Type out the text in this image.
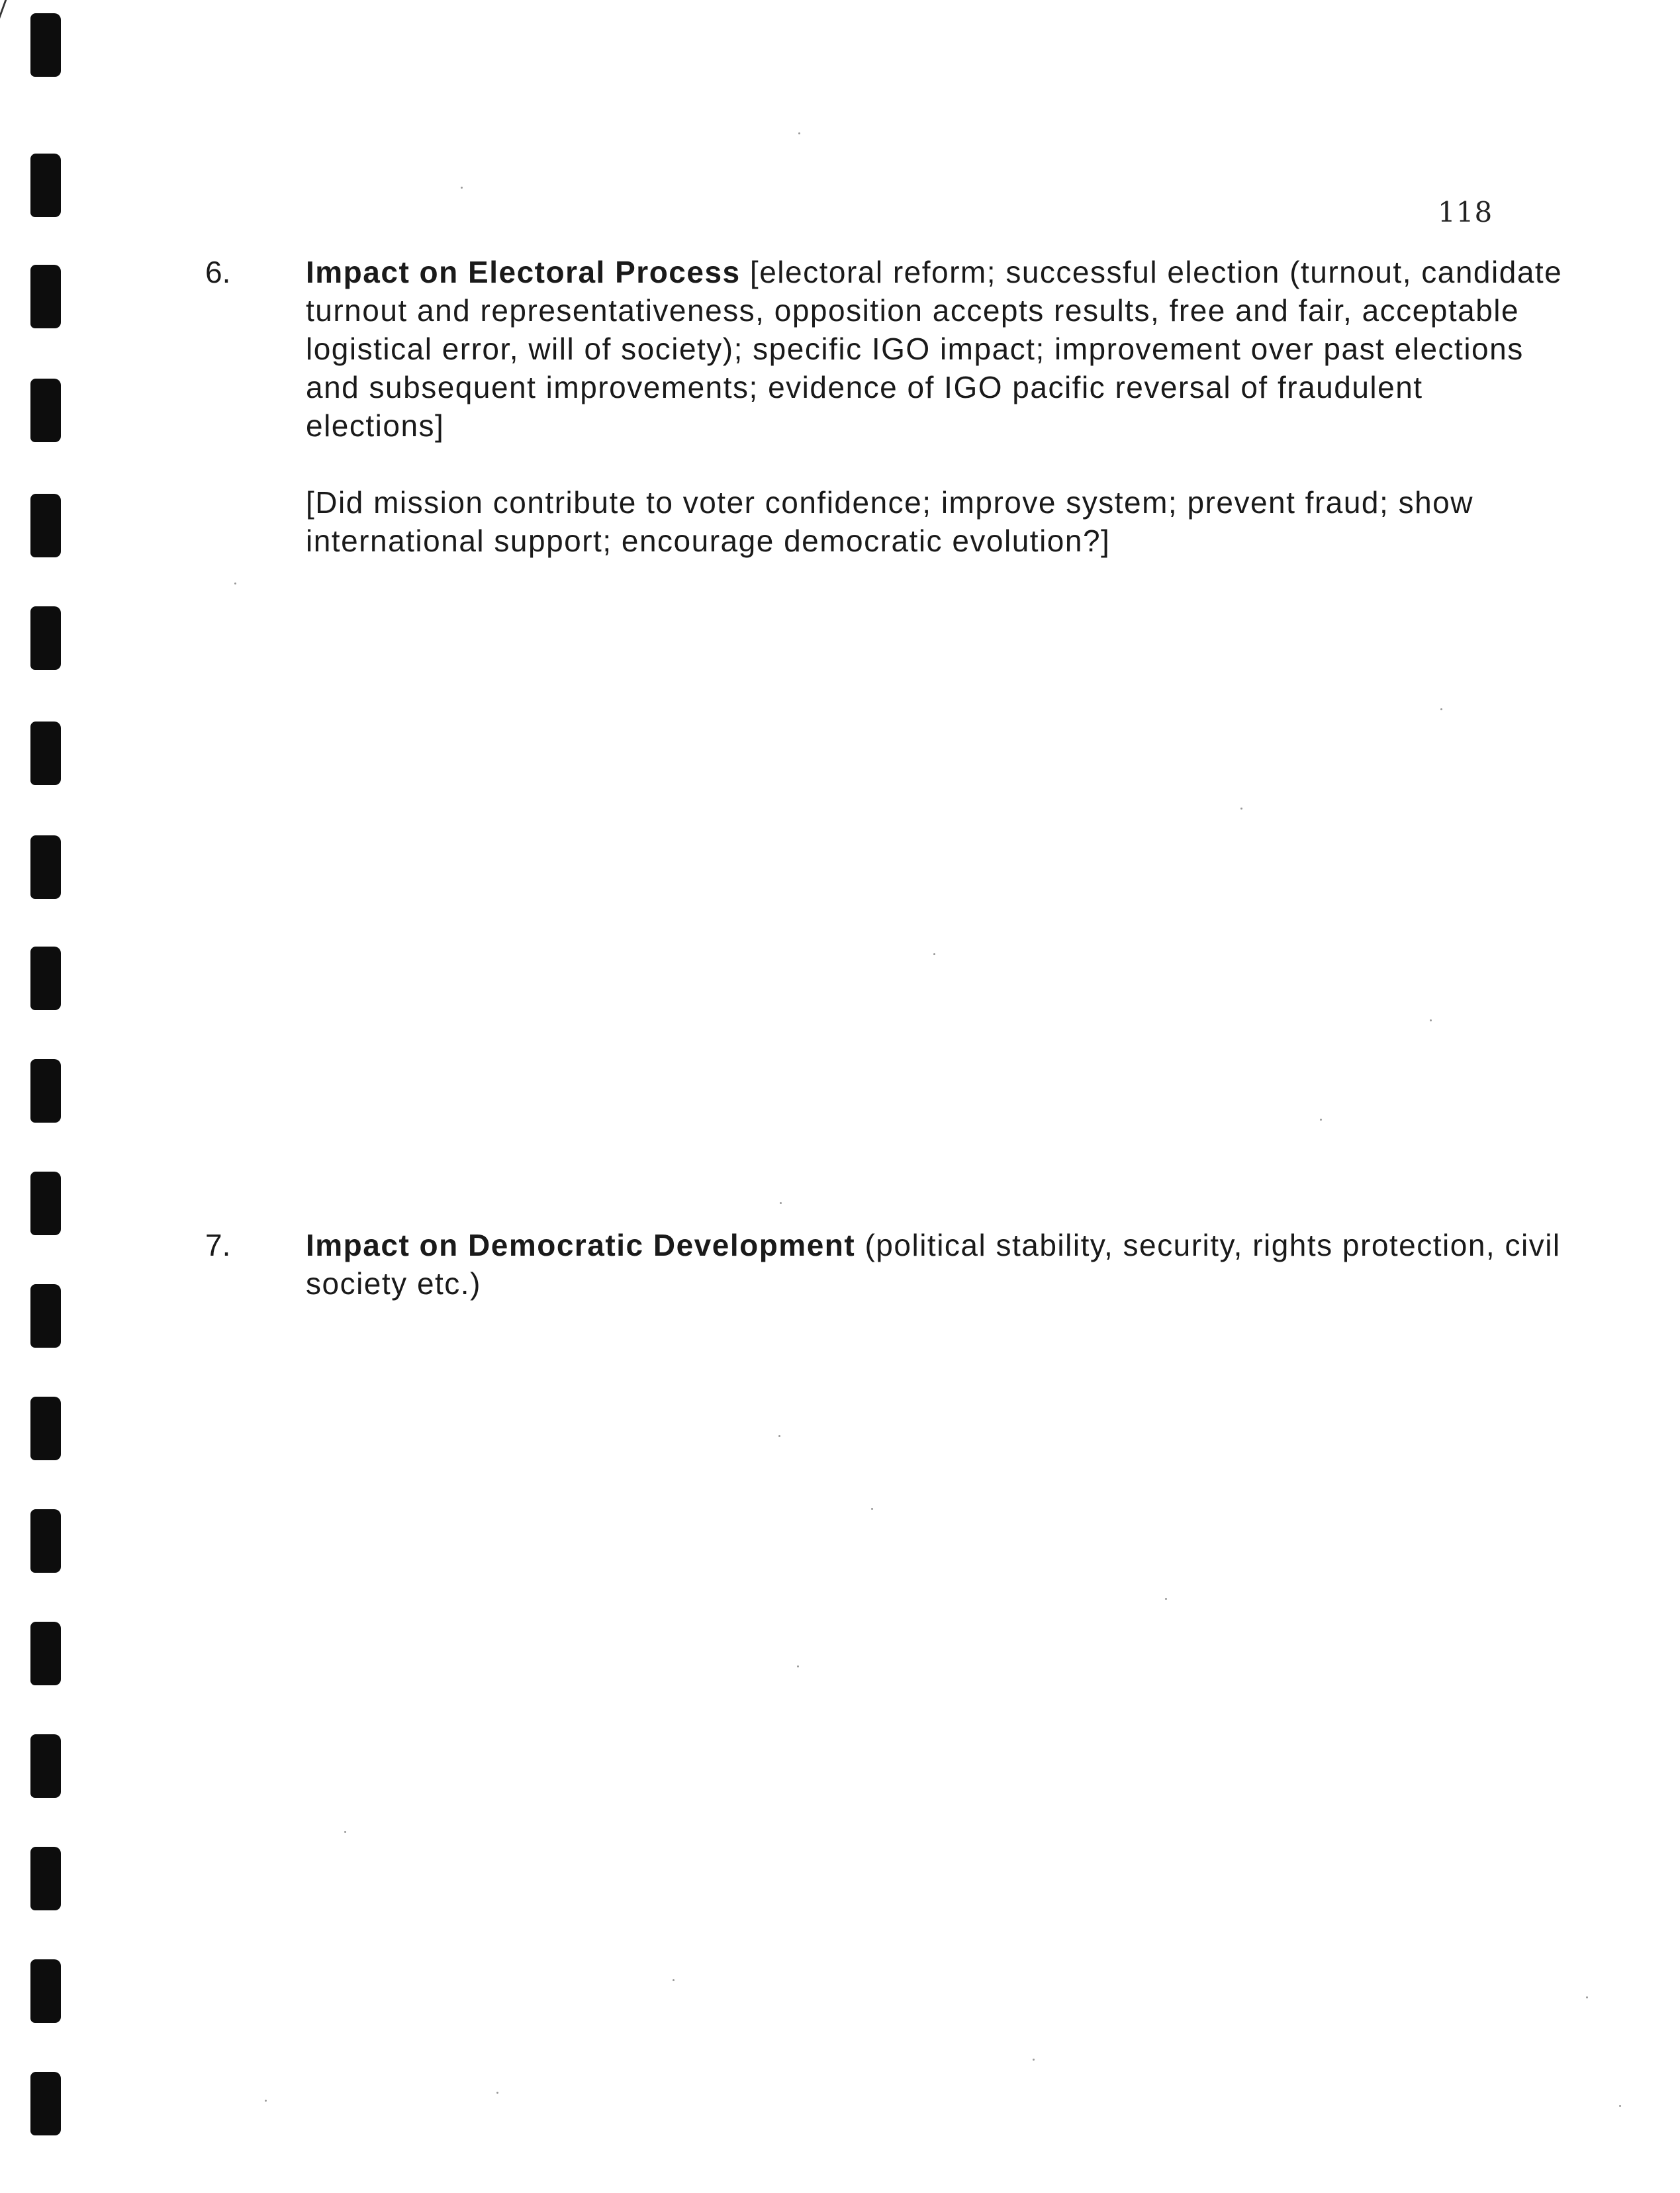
118
6. Impact on Electoral Process [electoral reform; successful election (turnout, candidate turnout and representativeness, opposition accepts results, free and fair, acceptable logistical error, will of society); specific IGO impact; improvement over past elections and subsequent improvements; evidence of IGO pacific reversal of fraudulent elections]

[Did mission contribute to voter confidence; improve system; prevent fraud; show international support; encourage democratic evolution?]

7. Impact on Democratic Development (political stability, security, rights protection, civil society etc.)
